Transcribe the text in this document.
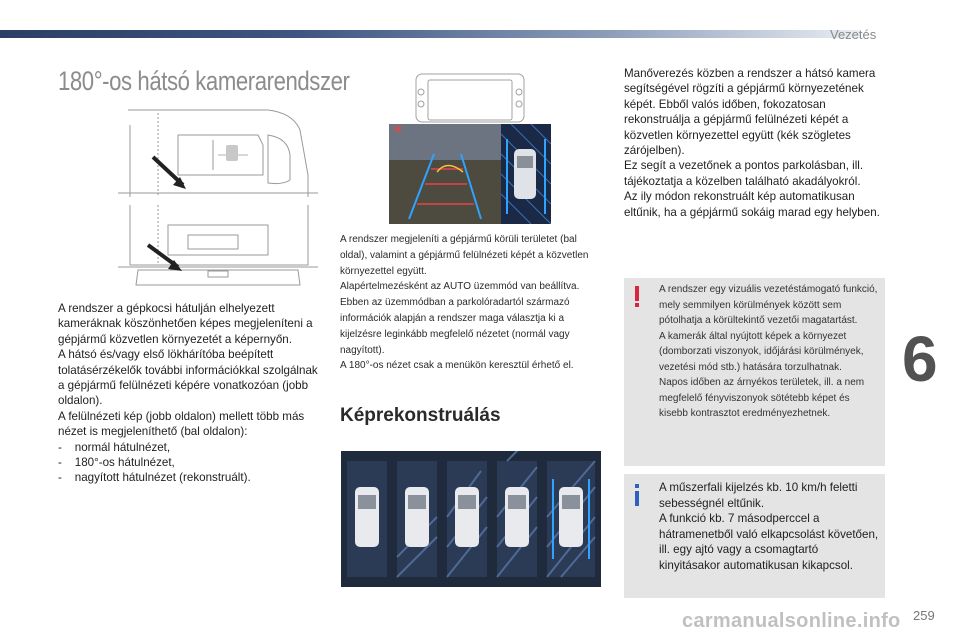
Vezetés
180°-os hátsó kamerarendszer

A rendszer a gépkocsi hátulján elhelyezett kameráknak köszönhetően képes megjeleníteni a gépjármű közvetlen környezetét a képernyőn.

A hátsó és/vagy első lökhárítóba beépített tolatásérzékelők további információkkal szolgálnak a gépjármű felülnézeti képére vonatkozóan (jobb oldalon).

A felülnézeti kép (jobb oldalon) mellett több más nézet is megjeleníthető (bal oldalon):

-    normál hátulnézet,

-    180°-os hátulnézet,

-    nagyított hátulnézet (rekonstruált).

A rendszer megjeleníti a gépjármű körüli területet (bal oldal), valamint a gépjármű felülnézeti képét a közvetlen környezettel együtt.

Alapértelmezésként az AUTO üzemmód van beállítva.

Ebben az üzemmódban a parkolóradartól származó információk alapján a rendszer maga választja ki a kijelzésre leginkább megfelelő nézetet (normál vagy nagyított).

A 180°-os nézet csak a menükön keresztül érhető el.

Képrekonstruálás

Manőverezés közben a rendszer a hátsó kamera segítségével rögzíti a gépjármű környezetének képét. Ebből valós időben, fokozatosan rekonstruálja a gépjármű felülnézeti képét a közvetlen környezettel együtt (kék szögletes zárójelben).

Ez segít a vezetőnek a pontos parkolásban, ill. tájékoztatja a közelben található akadályokról.

Az ily módon rekonstruált kép automatikusan eltűnik, ha a gépjármű sokáig marad egy helyben.

A rendszer egy vizuális vezetéstámogató funkció, mely semmilyen körülmények között sem pótolhatja a körültekintő vezetői magatartást.

A kamerák által nyújtott képek a környezet (domborzati viszonyok, időjárási körülmények, vezetési mód stb.) hatására torzulhatnak.

Napos időben az árnyékos területek, ill. a nem megfelelő fényviszonyok sötétebb képet és kisebb kontrasztot eredményezhetnek.

A műszerfali kijelzés kb. 10 km/h feletti sebességnél eltűnik.

A funkció kb. 7 másodperccel a hátramenetből való elkapcsolást követően, ill. egy ajtó vagy a csomagtartó kinyitásakor automatikusan kikapcsol.

6
259
carmanualsonline.info
